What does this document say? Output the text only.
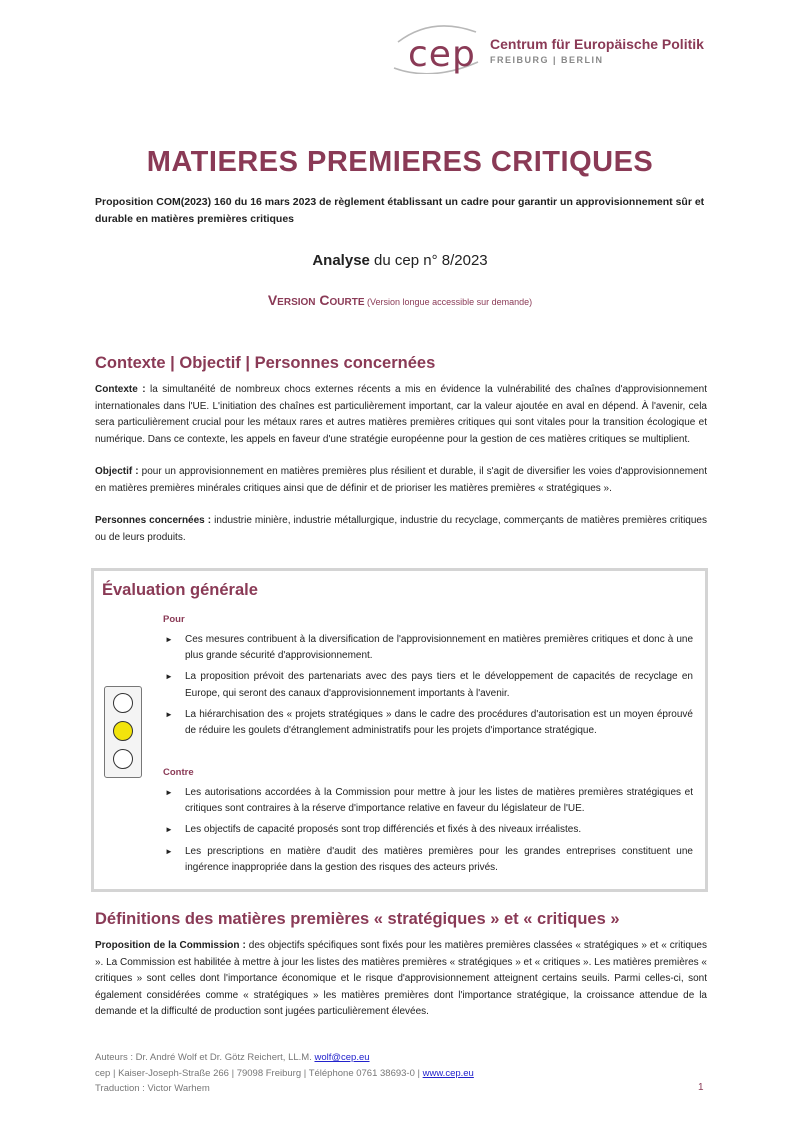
cep Centrum für Europäische Politik
FREIBURG | BERLIN
MATIERES PREMIERES CRITIQUES
Proposition COM(2023) 160 du 16 mars 2023 de règlement établissant un cadre pour garantir un approvisionnement sûr et durable en matières premières critiques
Analyse du cep n° 8/2023
Version Courte (Version longue accessible sur demande)
Contexte | Objectif | Personnes concernées

Contexte : la simultanéité de nombreux chocs externes récents a mis en évidence la vulnérabilité des chaînes d'approvisionnement internationales dans l'UE. L'initiation des chaînes est particulièrement important, car la valeur ajoutée en aval en dépend. À l'avenir, cela sera particulièrement crucial pour les métaux rares et autres matières premières critiques qui sont vitales pour la transition écologique et numérique. Dans ce contexte, les appels en faveur d'une stratégie européenne pour la gestion de ces matières critiques se multiplient.

Objectif : pour un approvisionnement en matières premières plus résilient et durable, il s'agit de diversifier les voies d'approvisionnement en matières premières minérales critiques ainsi que de définir et de prioriser les matières premières « stratégiques ».

Personnes concernées : industrie minière, industrie métallurgique, industrie du recyclage, commerçants de matières premières critiques ou de leurs produits.

Évaluation générale
Pour
► Ces mesures contribuent à la diversification de l'approvisionnement en matières premières critiques et donc à une plus grande sécurité d'approvisionnement.
► La proposition prévoit des partenariats avec des pays tiers et le développement de capacités de recyclage en Europe, qui seront des canaux d'approvisionnement importants à l'avenir.
► La hiérarchisation des « projets stratégiques » dans le cadre des procédures d'autorisation est un moyen éprouvé de réduire les goulets d'étranglement administratifs pour les projets d'importance stratégique.
Contre
► Les autorisations accordées à la Commission pour mettre à jour les listes de matières premières stratégiques et critiques sont contraires à la réserve d'importance relative en faveur du législateur de l'UE.
► Les objectifs de capacité proposés sont trop différenciés et fixés à des niveaux irréalistes.
► Les prescriptions en matière d'audit des matières premières pour les grandes entreprises constituent une ingérence inappropriée dans la gestion des risques des acteurs privés.
Définitions des matières premières « stratégiques » et « critiques »

Proposition de la Commission : des objectifs spécifiques sont fixés pour les matières premières classées « stratégiques » et « critiques ». La Commission est habilitée à mettre à jour les listes des matières premières « stratégiques » et « critiques ». Les matières premières « critiques » sont celles dont l'importance économique et le risque d'approvisionnement atteignent certains seuils. Parmi celles-ci, sont également considérées comme « stratégiques » les matières premières dont l'importance stratégique, la croissance attendue de la demande et la difficulté de production sont jugées particulièrement élevées.

Auteurs : Dr. André Wolf et Dr. Götz Reichert, LL.M. wolf@cep.eu
cep | Kaiser-Joseph-Straße 266 | 79098 Freiburg | Téléphone 0761 38693-0 | www.cep.eu
Traduction : Victor Warhem	1
